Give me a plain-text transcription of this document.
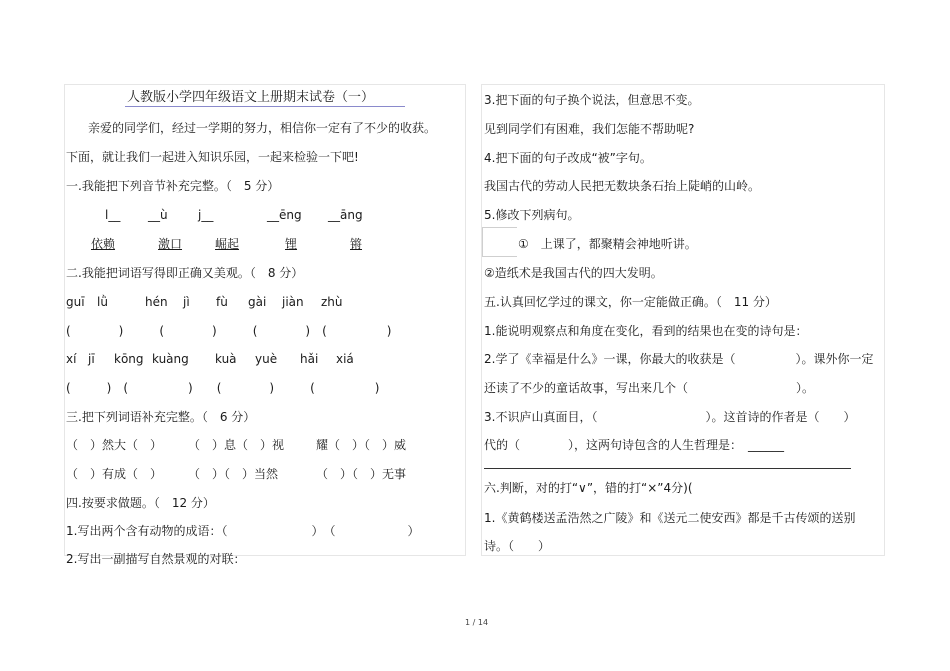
人教版小学四年级语文上册期末试卷（一）
亲爱的同学们，经过一学期的努力，相信你一定有了不少的收获。
下面，就让我们一起进入知识乐园，一起来检验一下吧!
一.我能把下列音节补充完整。（　5 分）
l__ __ù	j__	__ēng __āng
依赖	激口	崛起	锂	锵
二.我能把词语写得即正确又美观。（　8 分）
guī lǜ	hén jì fù gài jiàn zhù
(　　　　)　　　(　　　　)　　　(　　　　)　(　　　　　)
xí jī kōng kuàng kuà yuè hǎi xiá
(　　　)　(　　　　　)　　(　　　　)　　　(　　　　　)
三.把下列词语补充完整。（　6 分）
（　）然大（　） （　）息（　）视	耀（　）（　）威
（　）有成（　） （　）（　）当然	（　）（　）无事
四.按要求做题。（　12 分）
1.写出两个含有动物的成语：（　　　　　　　）　（　　　　　　）
2.写出一副描写自然景观的对联：
3.把下面的句子换个说法，但意思不变。
见到同学们有困难，我们怎能不帮助呢?
4.把下面的句子改成“被”字句。
我国古代的劳动人民把无数块条石抬上陡峭的山岭。
5.修改下列病句。
①　上课了，都聚精会神地听讲。
②造纸术是我国古代的四大发明。
五.认真回忆学过的课文，你一定能做正确。（　11 分）
1.能说明观察点和角度在变化，看到的结果也在变的诗句是：
2.学了《幸福是什么》一课，你最大的收获是（　　　　　）。课外你一定
还读了不少的童话故事，写出来几个（　　　　　　　　　）。
3.不识庐山真面目，（　　　　　　　　　）。这首诗的作者是（　　）
代的（　　　　），这两句诗包含的人生哲理是：　______
六.判断，对的打“∨”，错的打“×”4分)(
1.《黄鹤楼送孟浩然之广陵》和《送元二使安西》都是千古传颂的送别
诗。（　　）
1 / 14
